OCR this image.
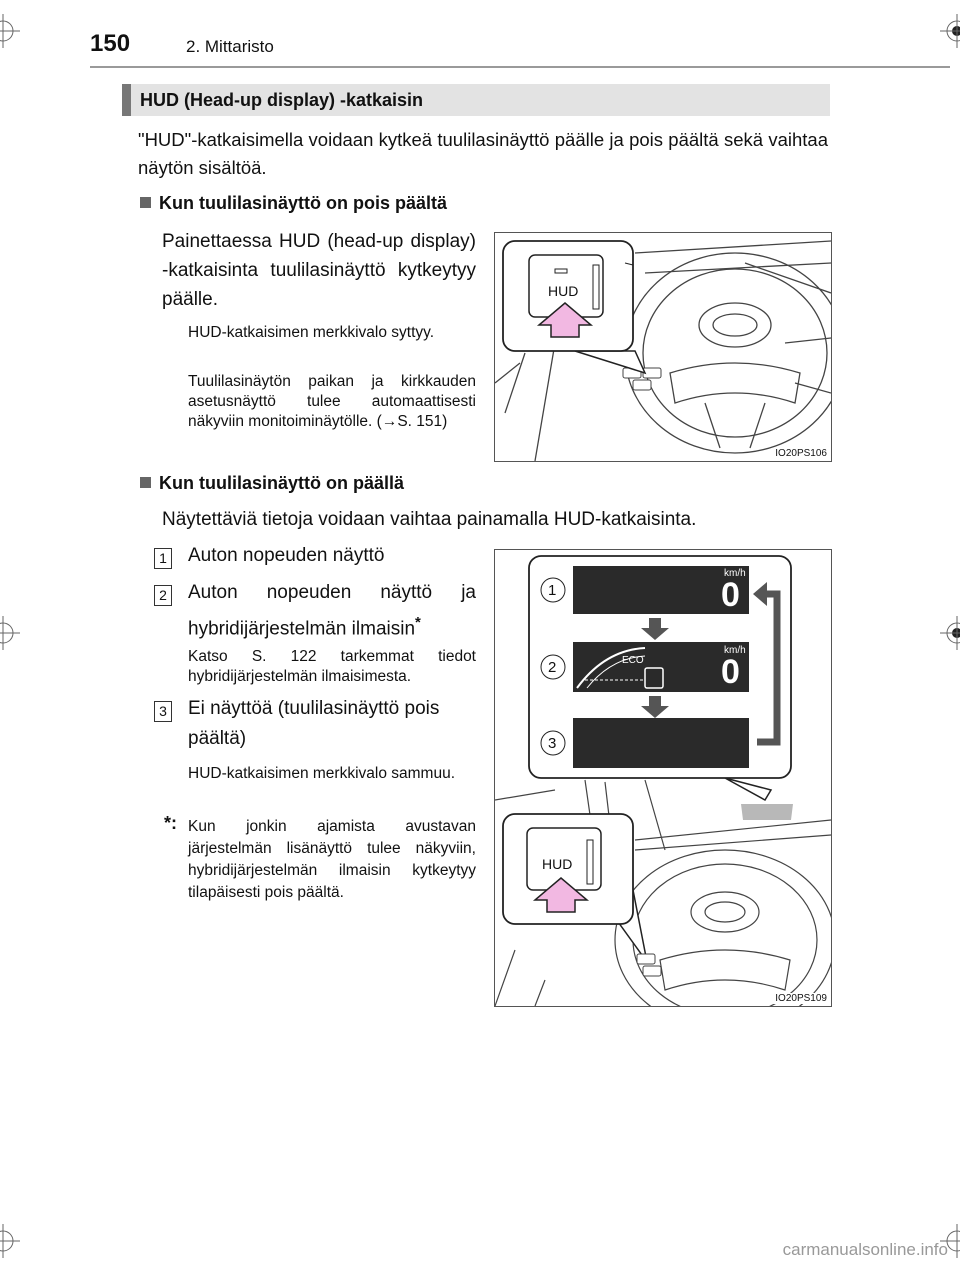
150	2. Mittaristo
HUD (Head-up display) -katkaisin
"HUD"-katkaisimella voidaan kytkeä tuulilasinäyttö päälle ja pois päältä sekä vaihtaa näytön sisältöä.
Kun tuulilasinäyttö on pois päältä
Painettaessa HUD (head-up display) -katkaisinta tuulilasinäyttö kytkeytyy päälle.
HUD-katkaisimen merkkivalo syttyy.
Tuulilasinäytön paikan ja kirkkauden asetusnäyttö tulee automaattisesti näkyviin monitoiminäytölle. (→S. 151)
HUD
IO20PS106
Kun tuulilasinäyttö on päällä
Näytettäviä tietoja voidaan vaihtaa painamalla HUD-katkaisinta.
1 Auton nopeuden näyttö
2 Auton nopeuden näyttö ja hybridijärjestelmän ilmaisin*
Katso S. 122 tarkemmat tiedot hybridijärjestelmän ilmaisimesta.
3 Ei näyttöä (tuulilasinäyttö pois päältä)
HUD-katkaisimen merkkivalo sammuu.
*: Kun jonkin ajamista avustavan järjestelmän lisänäyttö tulee näkyviin, hybridijärjestelmän ilmaisin kytkeytyy tilapäisesti pois päältä.
km/h
0
km/h
0
ECO
1
2
3
HUD
IO20PS109
carmanualsonline.info
